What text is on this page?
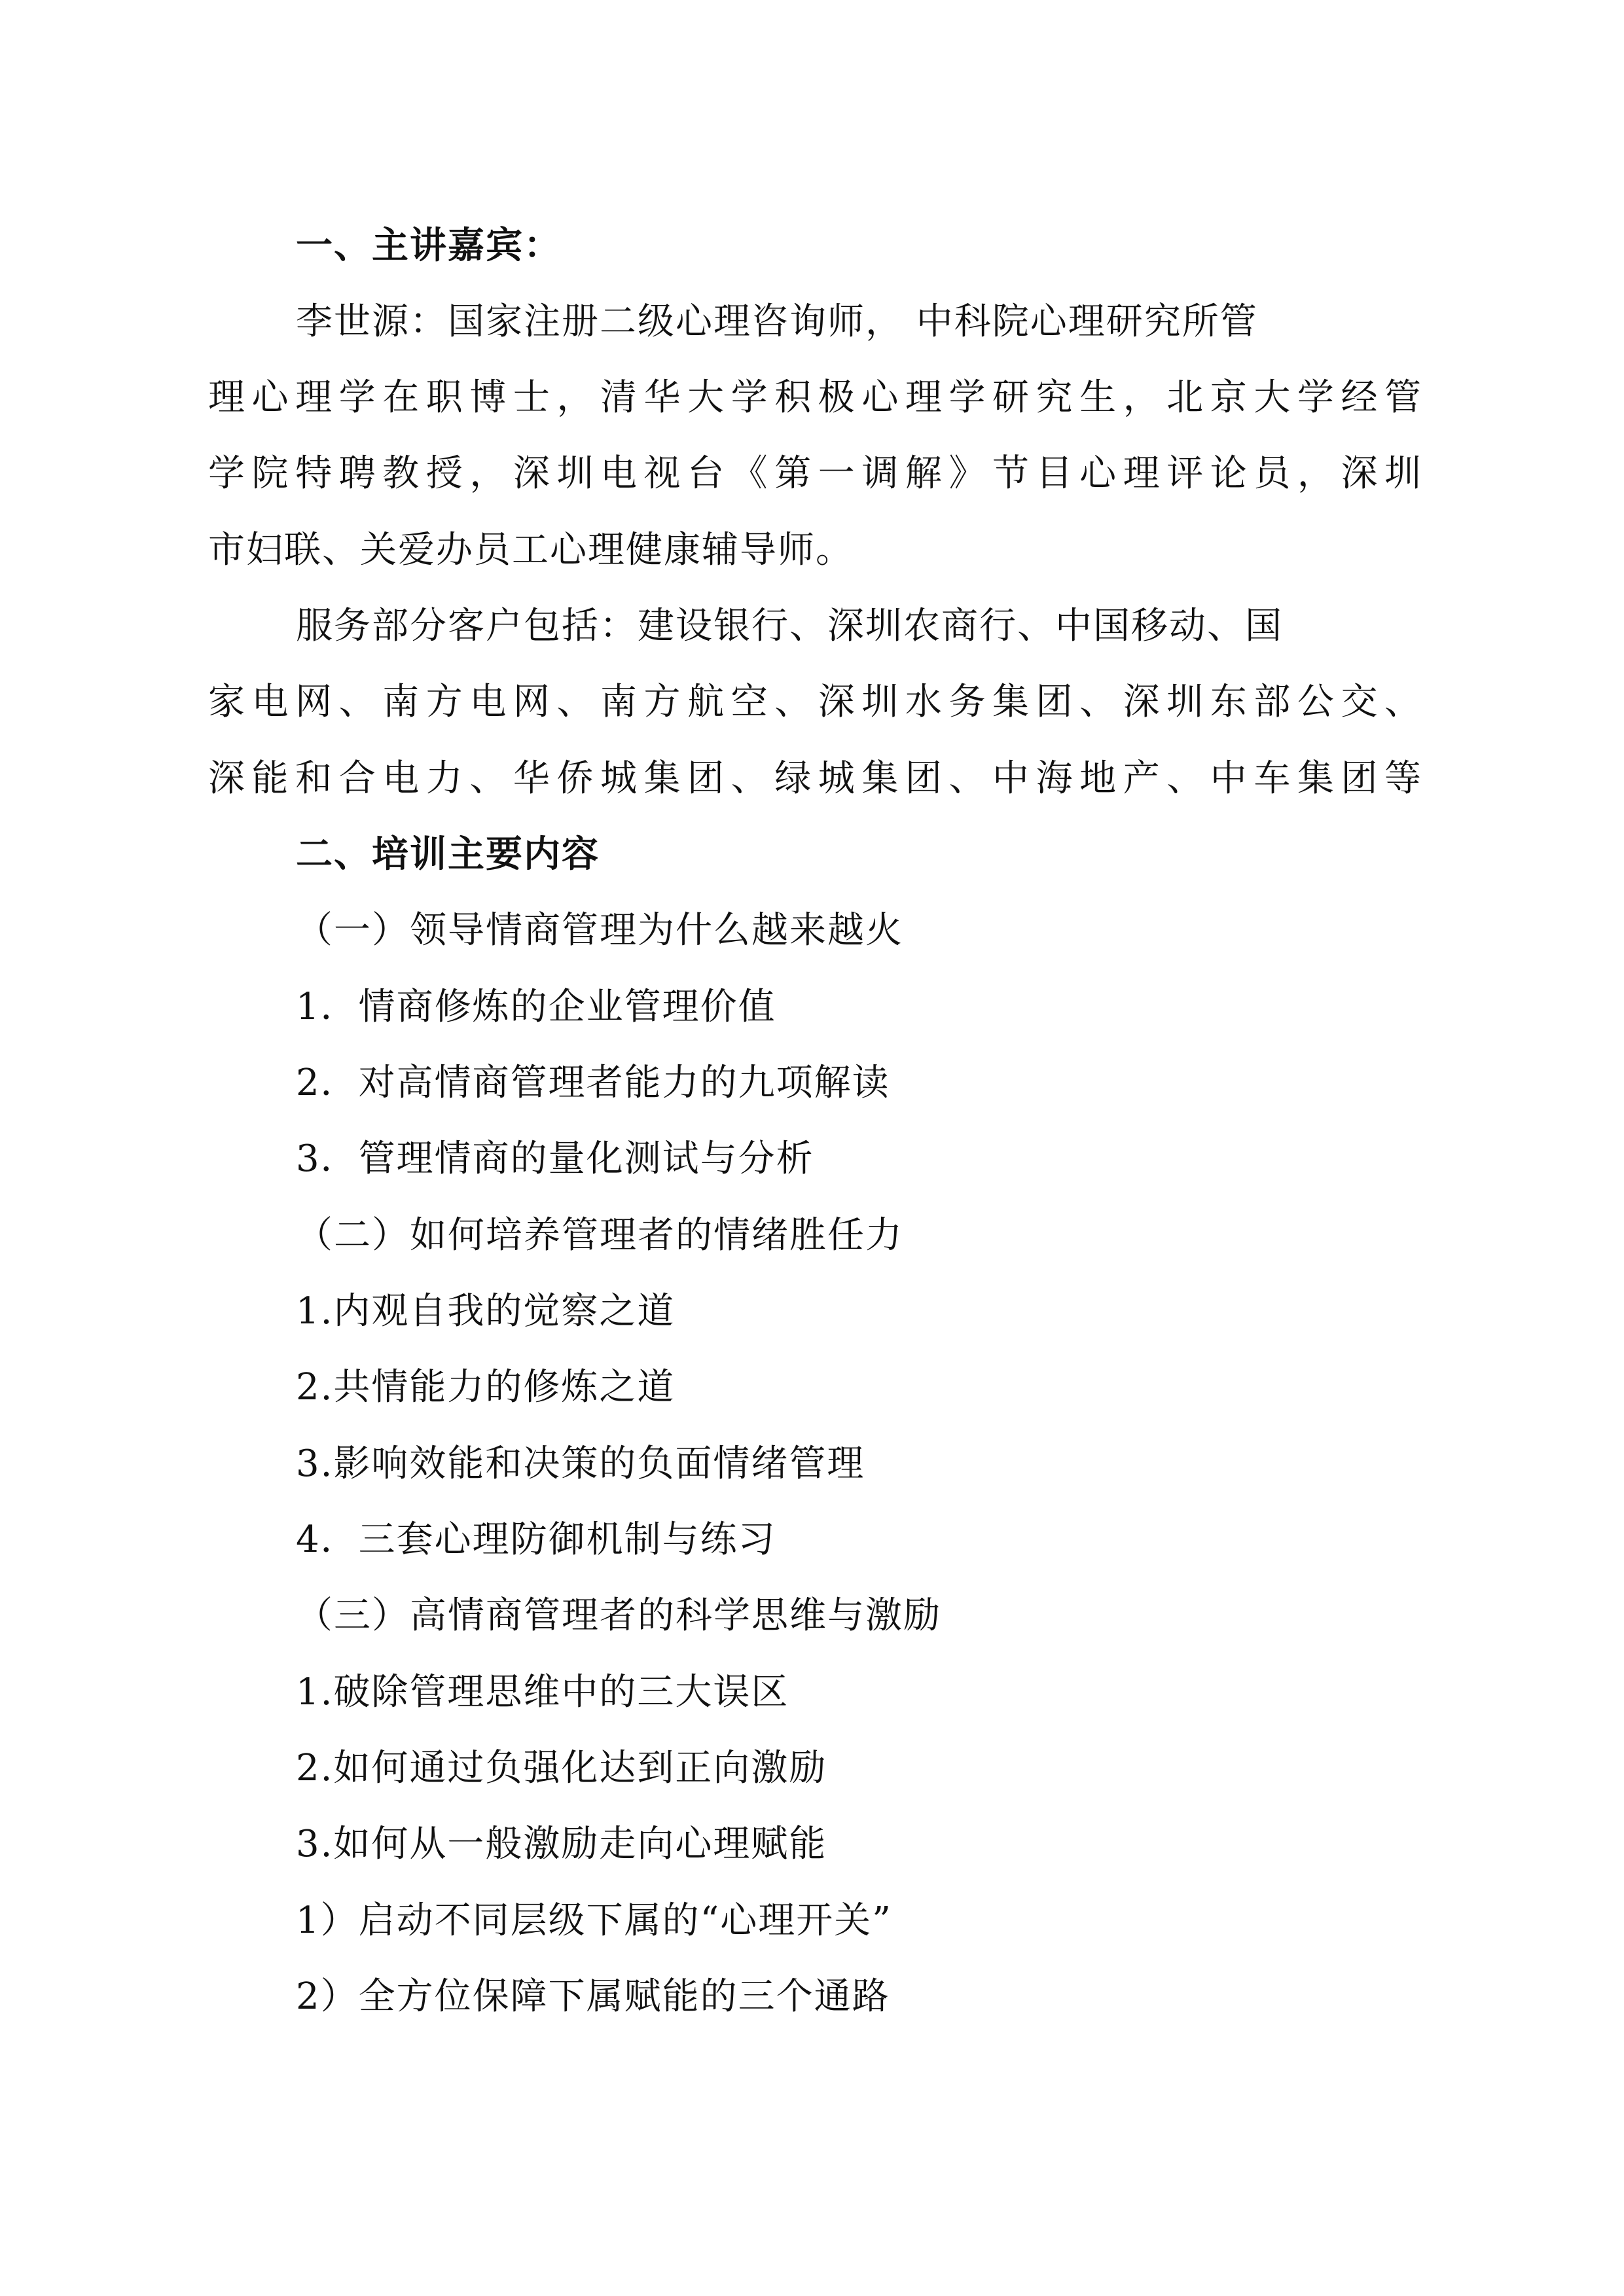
一、主讲嘉宾：
李世源：国家注册二级心理咨询师， 中科院心理研究所管
理心理学在职博士，清华大学积极心理学研究生，北京大学经管
学院特聘教授，深圳电视台《第一调解》节目心理评论员，深圳
市妇联、关爱办员工心理健康辅导师。
服务部分客户包括：建设银行、深圳农商行、中国移动、国
家电网、南方电网、南方航空、深圳水务集团、深圳东部公交、
深能和合电力、华侨城集团、绿城集团、中海地产、中车集团等
二、培训主要内容
（一）领导情商管理为什么越来越火
1．情商修炼的企业管理价值
2．对高情商管理者能力的九项解读
3．管理情商的量化测试与分析
（二）如何培养管理者的情绪胜任力
1.内观自我的觉察之道
2.共情能力的修炼之道
3.影响效能和决策的负面情绪管理
4．三套心理防御机制与练习
（三）高情商管理者的科学思维与激励
1.破除管理思维中的三大误区
2.如何通过负强化达到正向激励
3.如何从一般激励走向心理赋能
1）启动不同层级下属的“心理开关”
2）全方位保障下属赋能的三个通路
